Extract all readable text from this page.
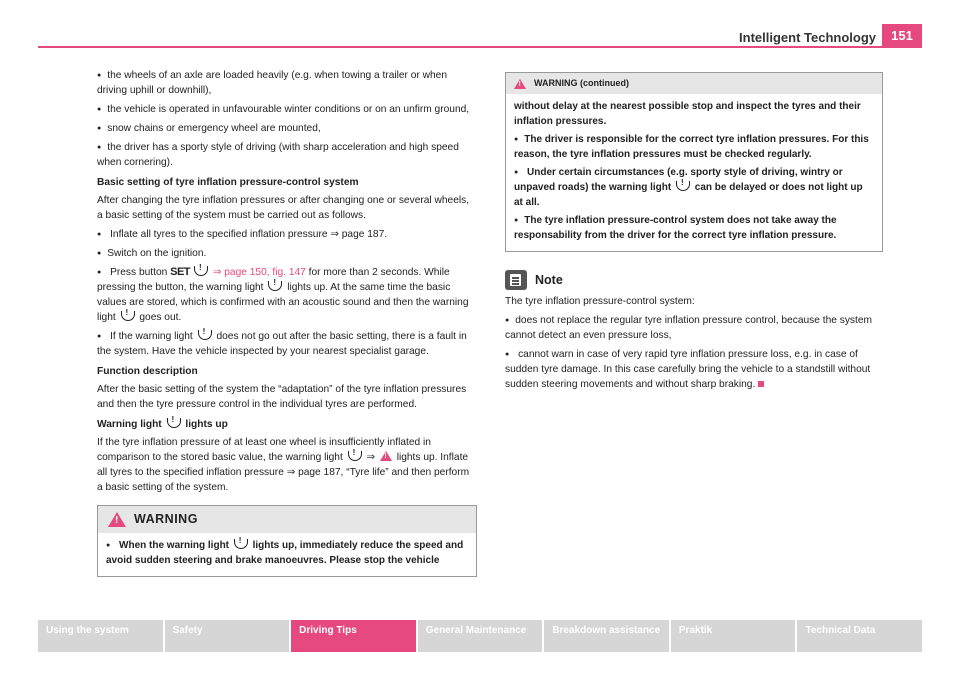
Intelligent Technology	151
● the wheels of an axle are loaded heavily (e.g. when towing a trailer or when driving uphill or downhill),
● the vehicle is operated in unfavourable winter conditions or on an unfirm ground,
● snow chains or emergency wheel are mounted,
● the driver has a sporty style of driving (with sharp acceleration and high speed when cornering).
Basic setting of tyre inflation pressure-control system

After changing the tyre inflation pressures or after changing one or several wheels, a basic setting of the system must be carried out as follows.

● Inflate all tyres to the specified inflation pressure ⇒ page 187.
● Switch on the ignition.
● Press button SET ! ⇒ page 150, fig. 147 for more than 2 seconds. While pressing the button, the warning light ! lights up. At the same time the basic values are stored, which is confirmed with an acoustic sound and then the warning light ! goes out.
● If the warning light ! does not go out after the basic setting, there is a fault in the system. Have the vehicle inspected by your nearest specialist garage.
Function description

After the basic setting of the system the “adaptation” of the tyre inflation pressures and then the tyre pressure control in the individual tyres are performed.

Warning light ! lights up

If the tyre inflation pressure of at least one wheel is insufficiently inflated in comparison to the stored basic value, the warning light ! ⇒ ! lights up. Inflate all tyres to the specified inflation pressure ⇒ page 187, “Tyre life” and then perform a basic setting of the system.

!
WARNING
● When the warning light ! lights up, immediately reduce the speed and avoid sudden steering and brake manoeuvres. Please stop the vehicle
!
WARNING (continued)

without delay at the nearest possible stop and inspect the tyres and their inflation pressures.

● The driver is responsible for the correct tyre inflation pressures. For this reason, the tyre inflation pressures must be checked regularly.
● Under certain circumstances (e.g. sporty style of driving, wintry or unpaved roads) the warning light ! can be delayed or does not light up at all.
● The tyre inflation pressure-control system does not take away the responsability from the driver for the correct tyre inflation pressure.
Note

The tyre inflation pressure-control system:

● does not replace the regular tyre inflation pressure control, because the system cannot detect an even pressure loss,
● cannot warn in case of very rapid tyre inflation pressure loss, e.g. in case of sudden tyre damage. In this case carefully bring the vehicle to a standstill without sudden steering movements and without sharp braking.
Using the system	Safety	Driving Tips	General Maintenance	Breakdown assistance	Praktik	Technical Data
